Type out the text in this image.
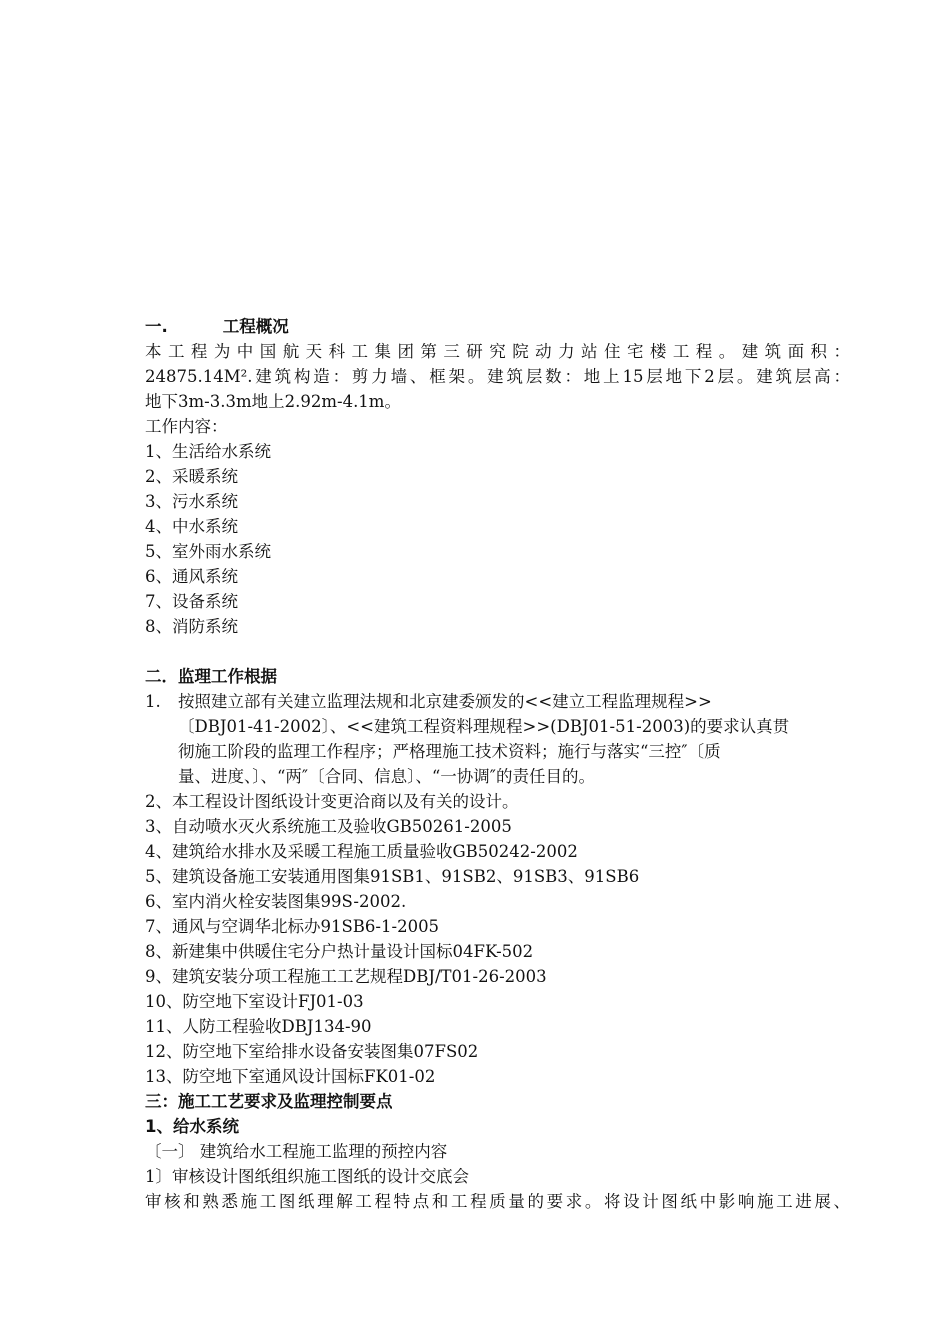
一.	工程概况
本工程为中国航天科工集团第三研究院动力站住宅楼工程。建筑面积：
24875.14M².建筑构造：剪力墙、框架。建筑层数：地上15层地下2层。建筑层高：
地下3m-3.3m地上2.92m-4.1m。
工作内容：
1、生活给水系统
2、采暖系统
3、污水系统
4、中水系统
5、室外雨水系统
6、通风系统
7、设备系统
8、消防系统
二．监理工作根据
1. 按照建立部有关建立监理法规和北京建委颁发的<<建立工程监理规程>>
〔DBJ01-41-2002〕、<<建筑工程资料理规程>>(DBJ01-51-2003)的要求认真贯
彻施工阶段的监理工作程序；严格理施工技术资料；施行与落实“三控″〔质
量、进度、〕、“两″〔合同、信息〕、“一协调″的责任目的。
2、本工程设计图纸设计变更洽商以及有关的设计。
3、自动喷水灭火系统施工及验收GB50261-2005
4、建筑给水排水及采暖工程施工质量验收GB50242-2002
5、建筑设备施工安装通用图集91SB1、91SB2、91SB3、91SB6
6、室内消火栓安装图集99S-2002.
7、通风与空调华北标办91SB6-1-2005
8、新建集中供暖住宅分户热计量设计国标04FK-502
9、建筑安装分项工程施工工艺规程DBJ/T01-26-2003
10、防空地下室设计FJ01-03
11、人防工程验收DBJ134-90
12、防空地下室给排水设备安装图集07FS02
13、防空地下室通风设计国标FK01-02
三：施工工艺要求及监理控制要点
1、给水系统
〔一〕 建筑给水工程施工监理的预控内容
1〕审核设计图纸组织施工图纸的设计交底会
审核和熟悉施工图纸理解工程特点和工程质量的要求。将设计图纸中影响施工进展、
